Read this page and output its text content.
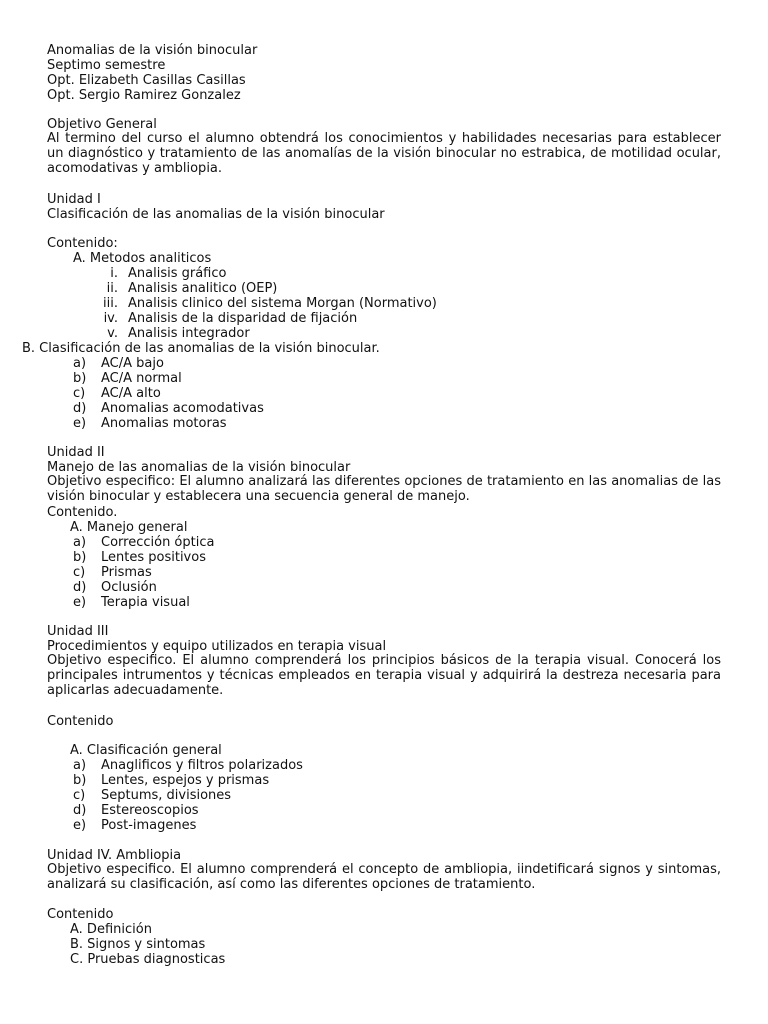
Anomalias de la visión binocular
Septimo semestre
Opt. Elizabeth Casillas Casillas
Opt. Sergio Ramirez Gonzalez
Objetivo General
Al termino del curso el alumno obtendrá los conocimientos y habilidades necesarias para establecer un diagnóstico y tratamiento de las anomalías de la visión binocular no estrabica, de motilidad ocular, acomodativas y ambliopia.
Unidad I
Clasificación de las anomalias de la visión binocular
Contenido:
A. Metodos analiticos
i. Analisis gráfico
ii. Analisis analitico (OEP)
iii. Analisis clinico del sistema Morgan (Normativo)
iv. Analisis de la disparidad de fijación
v. Analisis integrador
B. Clasificación de las anomalias de la visión binocular.
a) AC/A bajo
b) AC/A normal
c) AC/A alto
d) Anomalias acomodativas
e) Anomalias motoras
Unidad II
Manejo de las anomalias de la visión binocular
Objetivo especifico: El alumno analizará las diferentes opciones de tratamiento en las anomalias de las visión binocular y establecera una secuencia general de manejo.
Contenido.
A. Manejo general
a) Corrección óptica
b) Lentes positivos
c) Prismas
d) Oclusión
e) Terapia visual
Unidad III
Procedimientos y equipo utilizados en terapia visual
Objetivo especifico. El alumno comprenderá los principios básicos de la terapia visual. Conocerá los principales intrumentos y técnicas empleados en terapia visual y adquirirá la destreza necesaria para aplicarlas adecuadamente.
Contenido
A. Clasificación general
a) Anaglificos y filtros polarizados
b) Lentes, espejos y prismas
c) Septums, divisiones
d) Estereoscopios
e) Post-imagenes
Unidad IV. Ambliopia
Objetivo especifico. El alumno comprenderá el concepto de ambliopia, iindetificará signos y sintomas, analizará su clasificación, así como las diferentes opciones de tratamiento.
Contenido
A. Definición
B. Signos y sintomas
C. Pruebas diagnosticas
